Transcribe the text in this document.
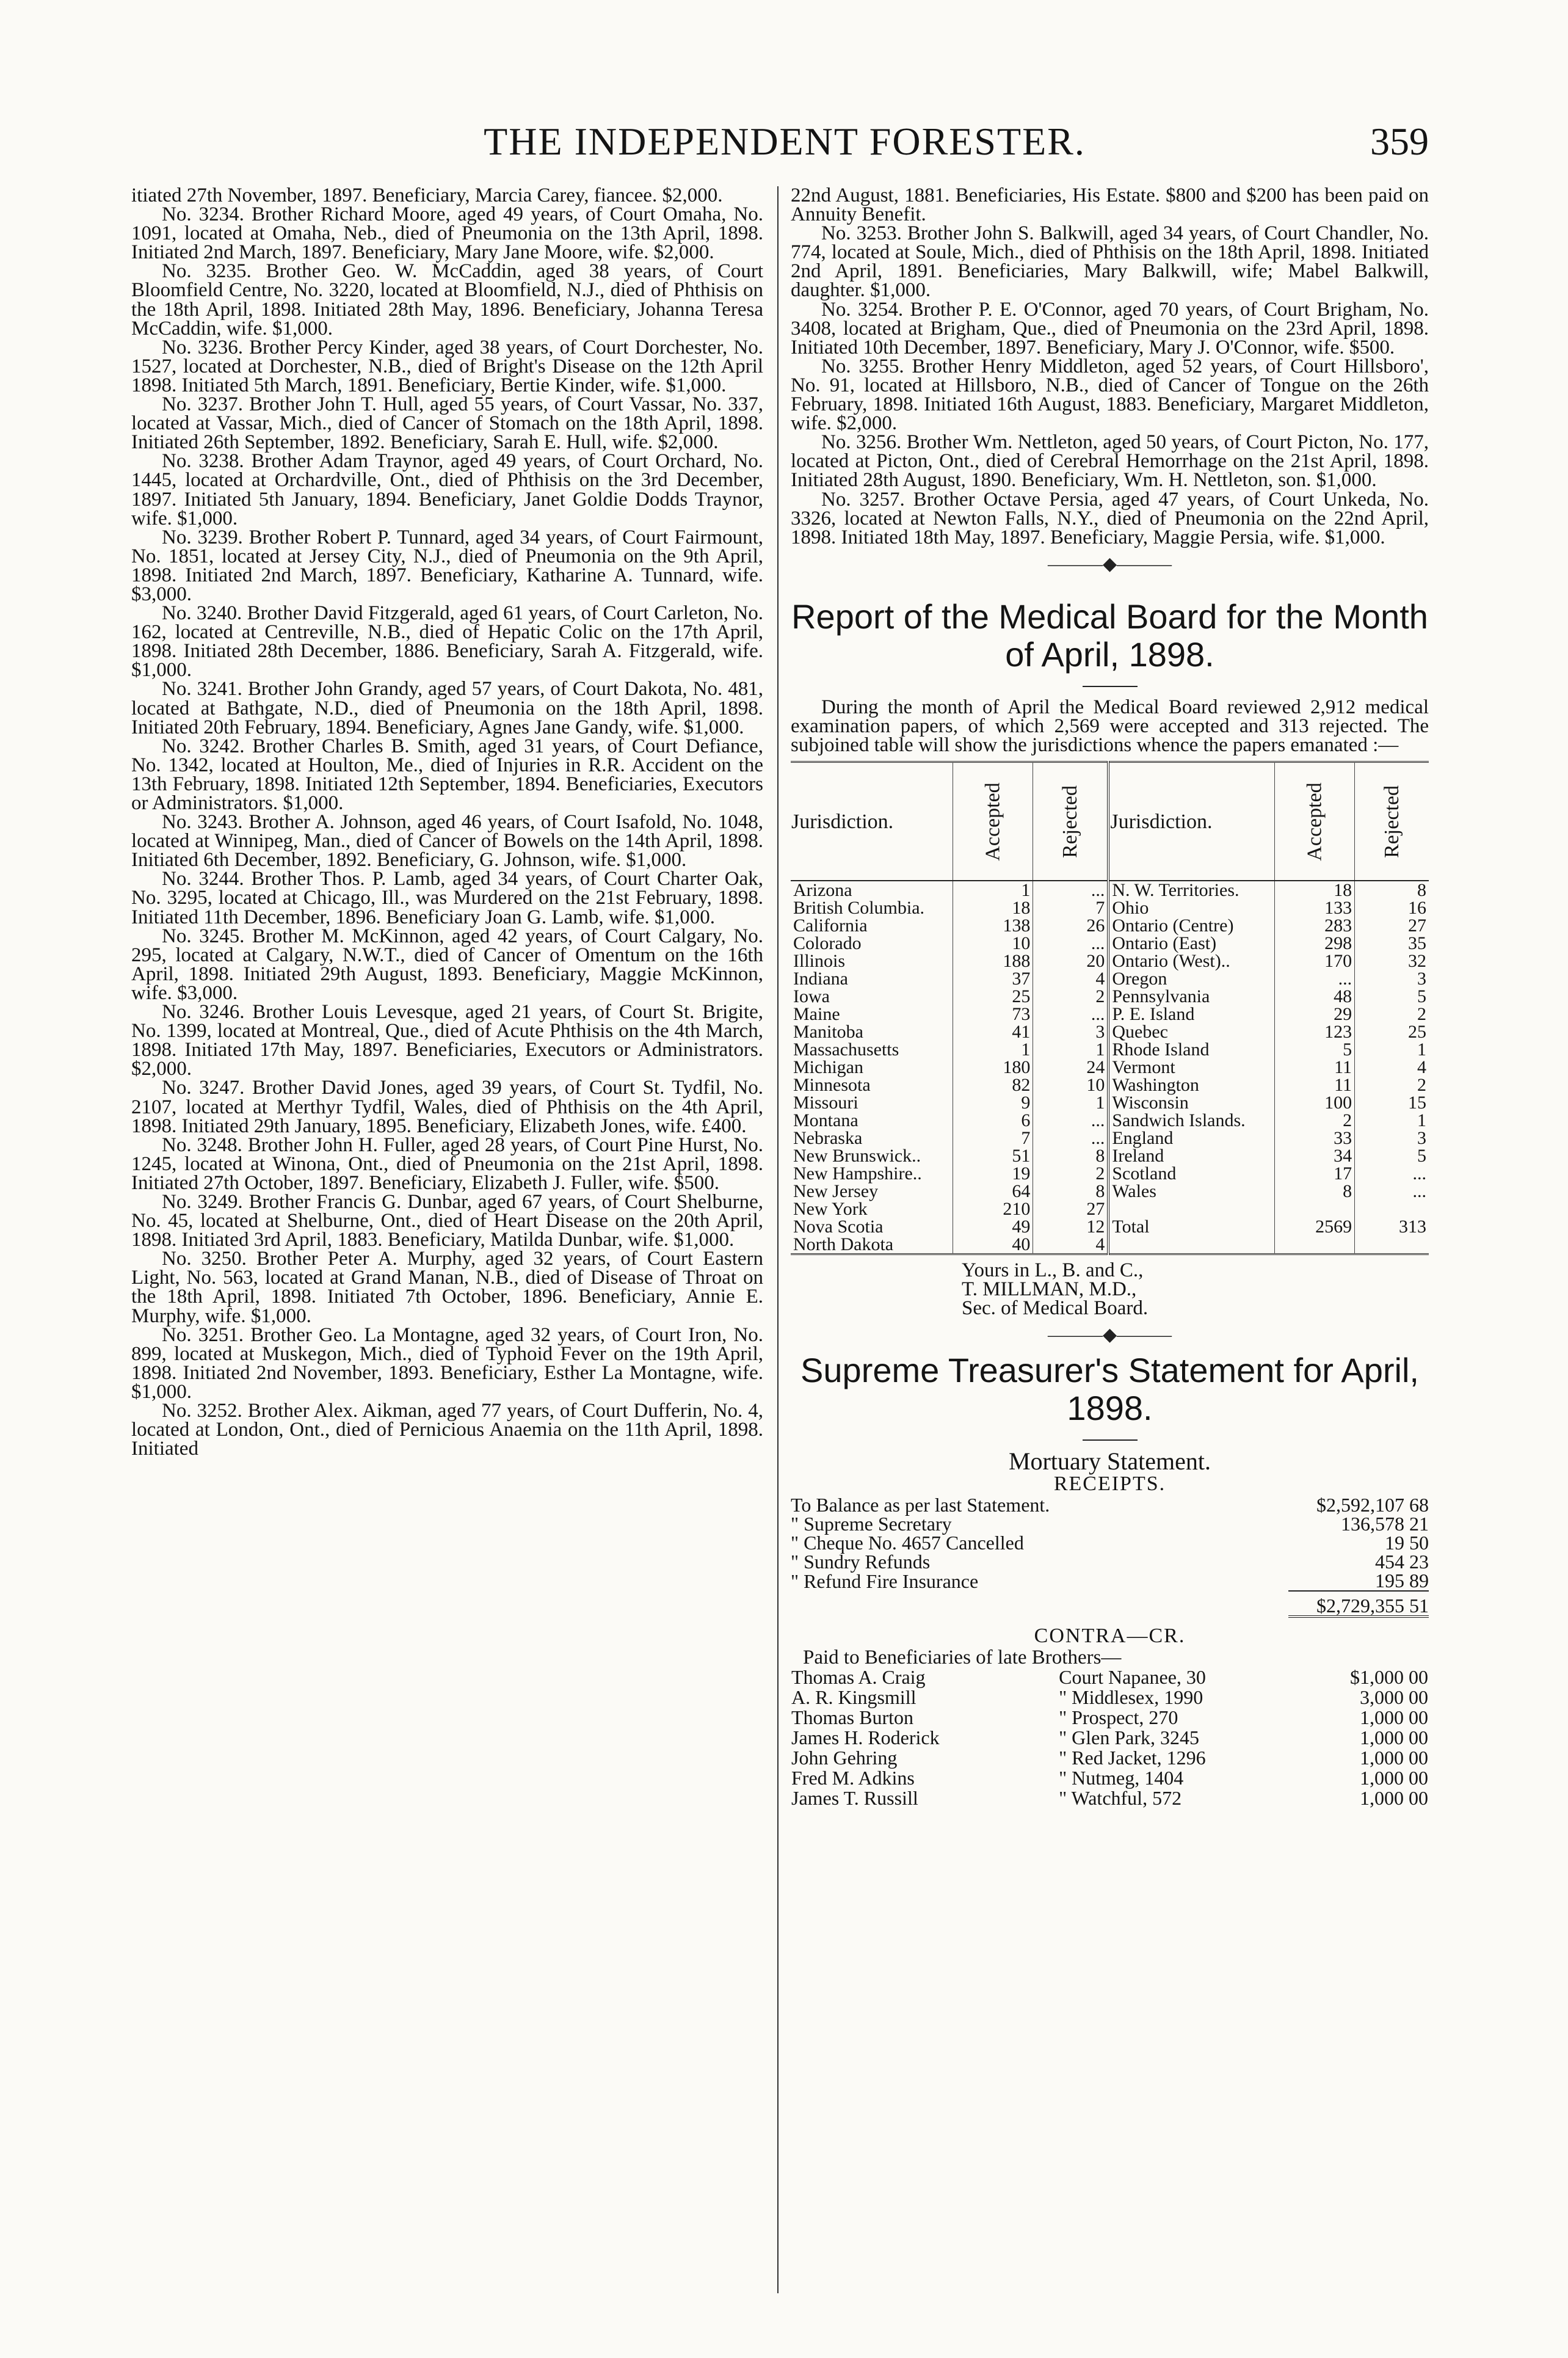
THE INDEPENDENT FORESTER.	359

itiated 27th November, 1897. Beneficiary, Marcia Carey, fiancee. $2,000.

No. 3234. Brother Richard Moore, aged 49 years, of Court Omaha, No. 1091, located at Omaha, Neb., died of Pneumonia on the 13th April, 1898. Initiated 2nd March, 1897. Beneficiary, Mary Jane Moore, wife. $2,000.

No. 3235. Brother Geo. W. McCaddin, aged 38 years, of Court Bloomfield Centre, No. 3220, located at Bloomfield, N.J., died of Phthisis on the 18th April, 1898. Initiated 28th May, 1896. Beneficiary, Johanna Teresa McCaddin, wife. $1,000.

No. 3236. Brother Percy Kinder, aged 38 years, of Court Dorchester, No. 1527, located at Dorchester, N.B., died of Bright's Disease on the 12th April 1898. Initiated 5th March, 1891. Beneficiary, Bertie Kinder, wife. $1,000.

No. 3237. Brother John T. Hull, aged 55 years, of Court Vassar, No. 337, located at Vassar, Mich., died of Cancer of Stomach on the 18th April, 1898. Initiated 26th September, 1892. Beneficiary, Sarah E. Hull, wife. $2,000.

No. 3238. Brother Adam Traynor, aged 49 years, of Court Orchard, No. 1445, located at Orchardville, Ont., died of Phthisis on the 3rd December, 1897. Initiated 5th January, 1894. Beneficiary, Janet Goldie Dodds Traynor, wife. $1,000.

No. 3239. Brother Robert P. Tunnard, aged 34 years, of Court Fairmount, No. 1851, located at Jersey City, N.J., died of Pneumonia on the 9th April, 1898. Initiated 2nd March, 1897. Beneficiary, Katharine A. Tunnard, wife. $3,000.

No. 3240. Brother David Fitzgerald, aged 61 years, of Court Carleton, No. 162, located at Centreville, N.B., died of Hepatic Colic on the 17th April, 1898. Initiated 28th December, 1886. Beneficiary, Sarah A. Fitzgerald, wife. $1,000.

No. 3241. Brother John Grandy, aged 57 years, of Court Dakota, No. 481, located at Bathgate, N.D., died of Pneumonia on the 18th April, 1898. Initiated 20th February, 1894. Beneficiary, Agnes Jane Gandy, wife. $1,000.

No. 3242. Brother Charles B. Smith, aged 31 years, of Court Defiance, No. 1342, located at Houlton, Me., died of Injuries in R.R. Accident on the 13th February, 1898. Initiated 12th September, 1894. Beneficiaries, Executors or Administrators. $1,000.

No. 3243. Brother A. Johnson, aged 46 years, of Court Isafold, No. 1048, located at Winnipeg, Man., died of Cancer of Bowels on the 14th April, 1898. Initiated 6th December, 1892. Beneficiary, G. Johnson, wife. $1,000.

No. 3244. Brother Thos. P. Lamb, aged 34 years, of Court Charter Oak, No. 3295, located at Chicago, Ill., was Murdered on the 21st February, 1898. Initiated 11th December, 1896. Beneficiary Joan G. Lamb, wife. $1,000.

No. 3245. Brother M. McKinnon, aged 42 years, of Court Calgary, No. 295, located at Calgary, N.W.T., died of Cancer of Omentum on the 16th April, 1898. Initiated 29th August, 1893. Beneficiary, Maggie McKinnon, wife. $3,000.

No. 3246. Brother Louis Levesque, aged 21 years, of Court St. Brigite, No. 1399, located at Montreal, Que., died of Acute Phthisis on the 4th March, 1898. Initiated 17th May, 1897. Beneficiaries, Executors or Administrators. $2,000.

No. 3247. Brother David Jones, aged 39 years, of Court St. Tydfil, No. 2107, located at Merthyr Tydfil, Wales, died of Phthisis on the 4th April, 1898. Initiated 29th January, 1895. Beneficiary, Elizabeth Jones, wife. £400.

No. 3248. Brother John H. Fuller, aged 28 years, of Court Pine Hurst, No. 1245, located at Winona, Ont., died of Pneumonia on the 21st April, 1898. Initiated 27th October, 1897. Beneficiary, Elizabeth J. Fuller, wife. $500.

No. 3249. Brother Francis G. Dunbar, aged 67 years, of Court Shelburne, No. 45, located at Shelburne, Ont., died of Heart Disease on the 20th April, 1898. Initiated 3rd April, 1883. Beneficiary, Matilda Dunbar, wife. $1,000.

No. 3250. Brother Peter A. Murphy, aged 32 years, of Court Eastern Light, No. 563, located at Grand Manan, N.B., died of Disease of Throat on the 18th April, 1898. Initiated 7th October, 1896. Beneficiary, Annie E. Murphy, wife. $1,000.

No. 3251. Brother Geo. La Montagne, aged 32 years, of Court Iron, No. 899, located at Muskegon, Mich., died of Typhoid Fever on the 19th April, 1898. Initiated 2nd November, 1893. Beneficiary, Esther La Montagne, wife. $1,000.

No. 3252. Brother Alex. Aikman, aged 77 years, of Court Dufferin, No. 4, located at London, Ont., died of Pernicious Anaemia on the 11th April, 1898. Initiated

22nd August, 1881. Beneficiaries, His Estate. $800 and $200 has been paid on Annuity Benefit.

No. 3253. Brother John S. Balkwill, aged 34 years, of Court Chandler, No. 774, located at Soule, Mich., died of Phthisis on the 18th April, 1898. Initiated 2nd April, 1891. Beneficiaries, Mary Balkwill, wife; Mabel Balkwill, daughter. $1,000.

No. 3254. Brother P. E. O'Connor, aged 70 years, of Court Brigham, No. 3408, located at Brigham, Que., died of Pneumonia on the 23rd April, 1898. Initiated 10th December, 1897. Beneficiary, Mary J. O'Connor, wife. $500.

No. 3255. Brother Henry Middleton, aged 52 years, of Court Hillsboro', No. 91, located at Hillsboro, N.B., died of Cancer of Tongue on the 26th February, 1898. Initiated 16th August, 1883. Beneficiary, Margaret Middleton, wife. $2,000.

No. 3256. Brother Wm. Nettleton, aged 50 years, of Court Picton, No. 177, located at Picton, Ont., died of Cerebral Hemorrhage on the 21st April, 1898. Initiated 28th August, 1890. Beneficiary, Wm. H. Nettleton, son. $1,000.

No. 3257. Brother Octave Persia, aged 47 years, of Court Unkeda, No. 3326, located at Newton Falls, N.Y., died of Pneumonia on the 22nd April, 1898. Initiated 18th May, 1897. Beneficiary, Maggie Persia, wife. $1,000.

———◆———
Report of the Medical Board for the Month of April, 1898.

During the month of April the Medical Board reviewed 2,912 medical examination papers, of which 2,569 were accepted and 313 rejected. The subjoined table will show the jurisdictions whence the papers emanated :—

Jurisdiction.	Accepted	Rejected	Jurisdiction.	Accepted	Rejected
Arizona	1	...	N. W. Territories.	18	8
British Columbia.	18	7	Ohio	133	16
California	138	26	Ontario (Centre)	283	27
Colorado	10	...	Ontario (East)	298	35
Illinois	188	20	Ontario (West)..	170	32
Indiana	37	4	Oregon	...	3
Iowa	25	2	Pennsylvania	48	5
Maine	73	...	P. E. Island	29	2
Manitoba	41	3	Quebec	123	25
Massachusetts	1	1	Rhode Island	5	1
Michigan	180	24	Vermont	11	4
Minnesota	82	10	Washington	11	2
Missouri	9	1	Wisconsin	100	15
Montana	6	...	Sandwich Islands.	2	1
Nebraska	7	...	England	33	3
New Brunswick..	51	8	Ireland	34	5
New Hampshire..	19	2	Scotland	17	...
New Jersey	64	8	Wales	8	...
New York	210	27			
Nova Scotia	49	12	Total	2569	313
North Dakota	40	4			
Yours in L., B. and C.,
T. MILLMAN, M.D.,
Sec. of Medical Board.
———◆———
Supreme Treasurer's Statement for April, 1898.
Mortuary Statement.
RECEIPTS.
To Balance as per last Statement.	$2,592,107 68
" Supreme Secretary	136,578 21
" Cheque No. 4657 Cancelled	19 50
" Sundry Refunds	454 23
" Refund Fire Insurance	195 89
	$2,729,355 51
CONTRA—CR.

Paid to Beneficiaries of late Brothers—

Thomas A. Craig	Court Napanee, 30	$1,000 00
A. R. Kingsmill	" Middlesex, 1990	3,000 00
Thomas Burton	" Prospect, 270	1,000 00
James H. Roderick	" Glen Park, 3245	1,000 00
John Gehring	" Red Jacket, 1296	1,000 00
Fred M. Adkins	" Nutmeg, 1404	1,000 00
James T. Russill	" Watchful, 572	1,000 00
